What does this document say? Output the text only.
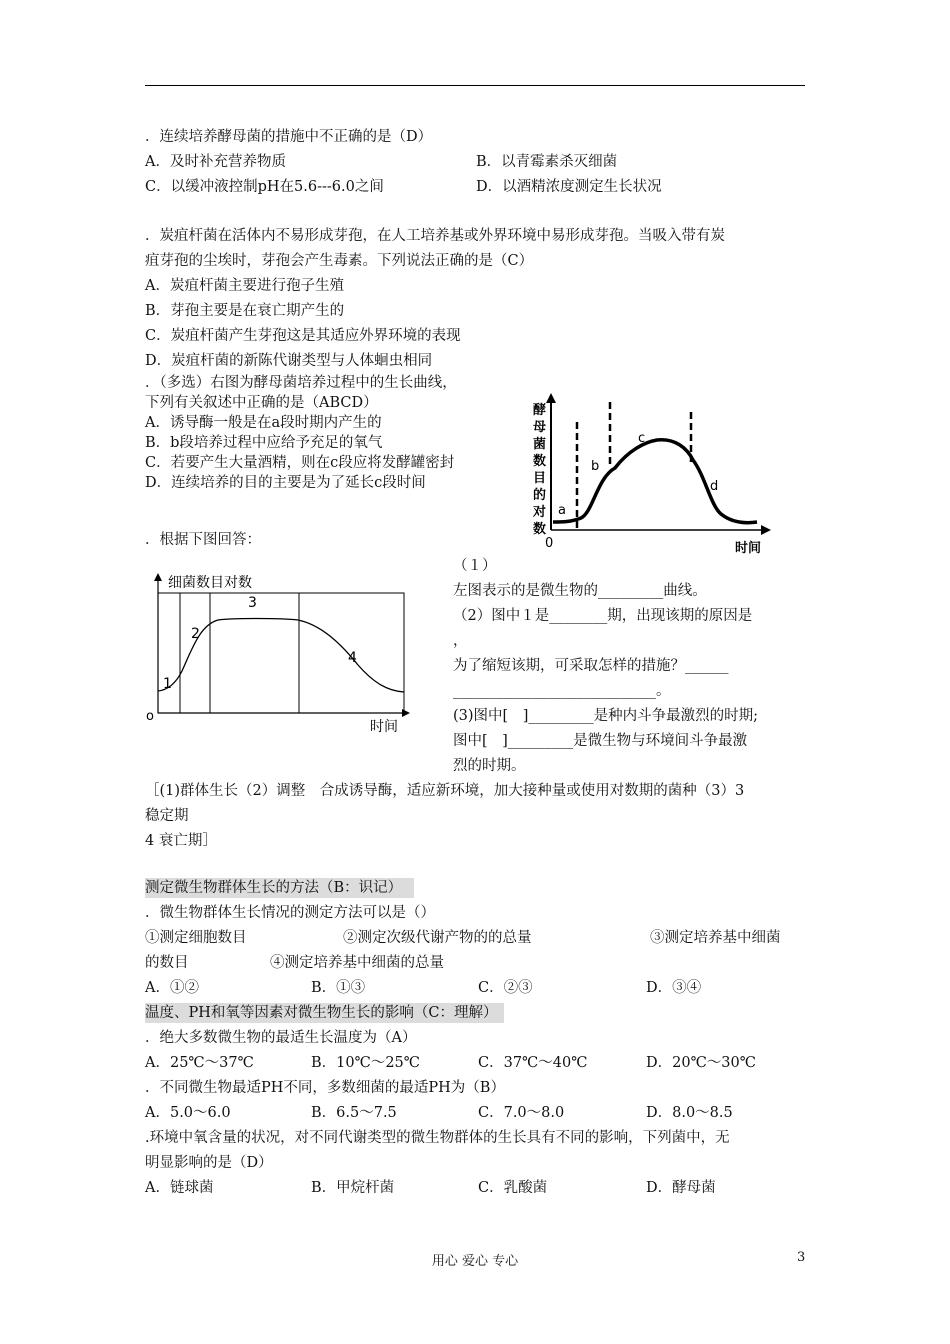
．连续培养酵母菌的措施中不正确的是（D）
A．及时补充营养物质	B．以青霉素杀灭细菌
C．以缓冲液控制pH在5.6---6.0之间	D．以酒精浓度测定生长状况
．炭疽杆菌在活体内不易形成芽孢，在人工培养基或外界环境中易形成芽孢。当吸入带有炭
疽芽孢的尘埃时，芽孢会产生毒素。下列说法正确的是（C）
A．炭疽杆菌主要进行孢子生殖
B．芽孢主要是在衰亡期产生的
C．炭疽杆菌产生芽孢这是其适应外界环境的表现
D．炭疽杆菌的新陈代谢类型与人体蛔虫相同
．（多选）右图为酵母菌培养过程中的生长曲线，
下列有关叙述中正确的是（ABCD）
A．诱导酶一般是在a段时期内产生的
B．b段培养过程中应给予充足的氧气
C．若要产生大量酒精，则在c段应将发酵罐密封
D．连续培养的目的主要是为了延长c段时间
酵
母
菌
数
目
的
对
数
a
b
c
d
0	时间
．根据下图回答：
细菌数目对数
1
2
3
4
o
时间
（１）
左图表示的是微生物的_________曲线。
（2）图中１是________期，出现该期的原因是
，
为了缩短该期，可采取怎样的措施？______
____________________________。
(3)图中[　]_________是种内斗争最激烈的时期;
图中[　]_________是微生物与环境间斗争最激
烈的时期。
［(1)群体生长（2）调整　合成诱导酶，适应新环境，加大接种量或使用对数期的菌种（3）3
稳定期
4 衰亡期］
测定微生物群体生长的方法（B：识记）
．微生物群体生长情况的测定方法可以是（）
①测定细胞数目	②测定次级代谢产物的的总量	③测定培养基中细菌
的数目	④测定培养基中细菌的总量
A．①②	B．①③	C．②③	D．③④
温度、PH和氧等因素对微生物生长的影响（C：理解）
．绝大多数微生物的最适生长温度为（A）
A．25℃～37℃	B．10℃～25℃	C．37℃～40℃	D．20℃～30℃
．不同微生物最适PH不同，多数细菌的最适PH为（B）
A．5.0～6.0	B．6.5～7.5	C．7.0～8.0	D．8.0～8.5
.环境中氧含量的状况，对不同代谢类型的微生物群体的生长具有不同的影响，下列菌中，无
明显影响的是（D）
A．链球菌	B．甲烷杆菌	C．乳酸菌	D．酵母菌
用心 爱心 专心	3
